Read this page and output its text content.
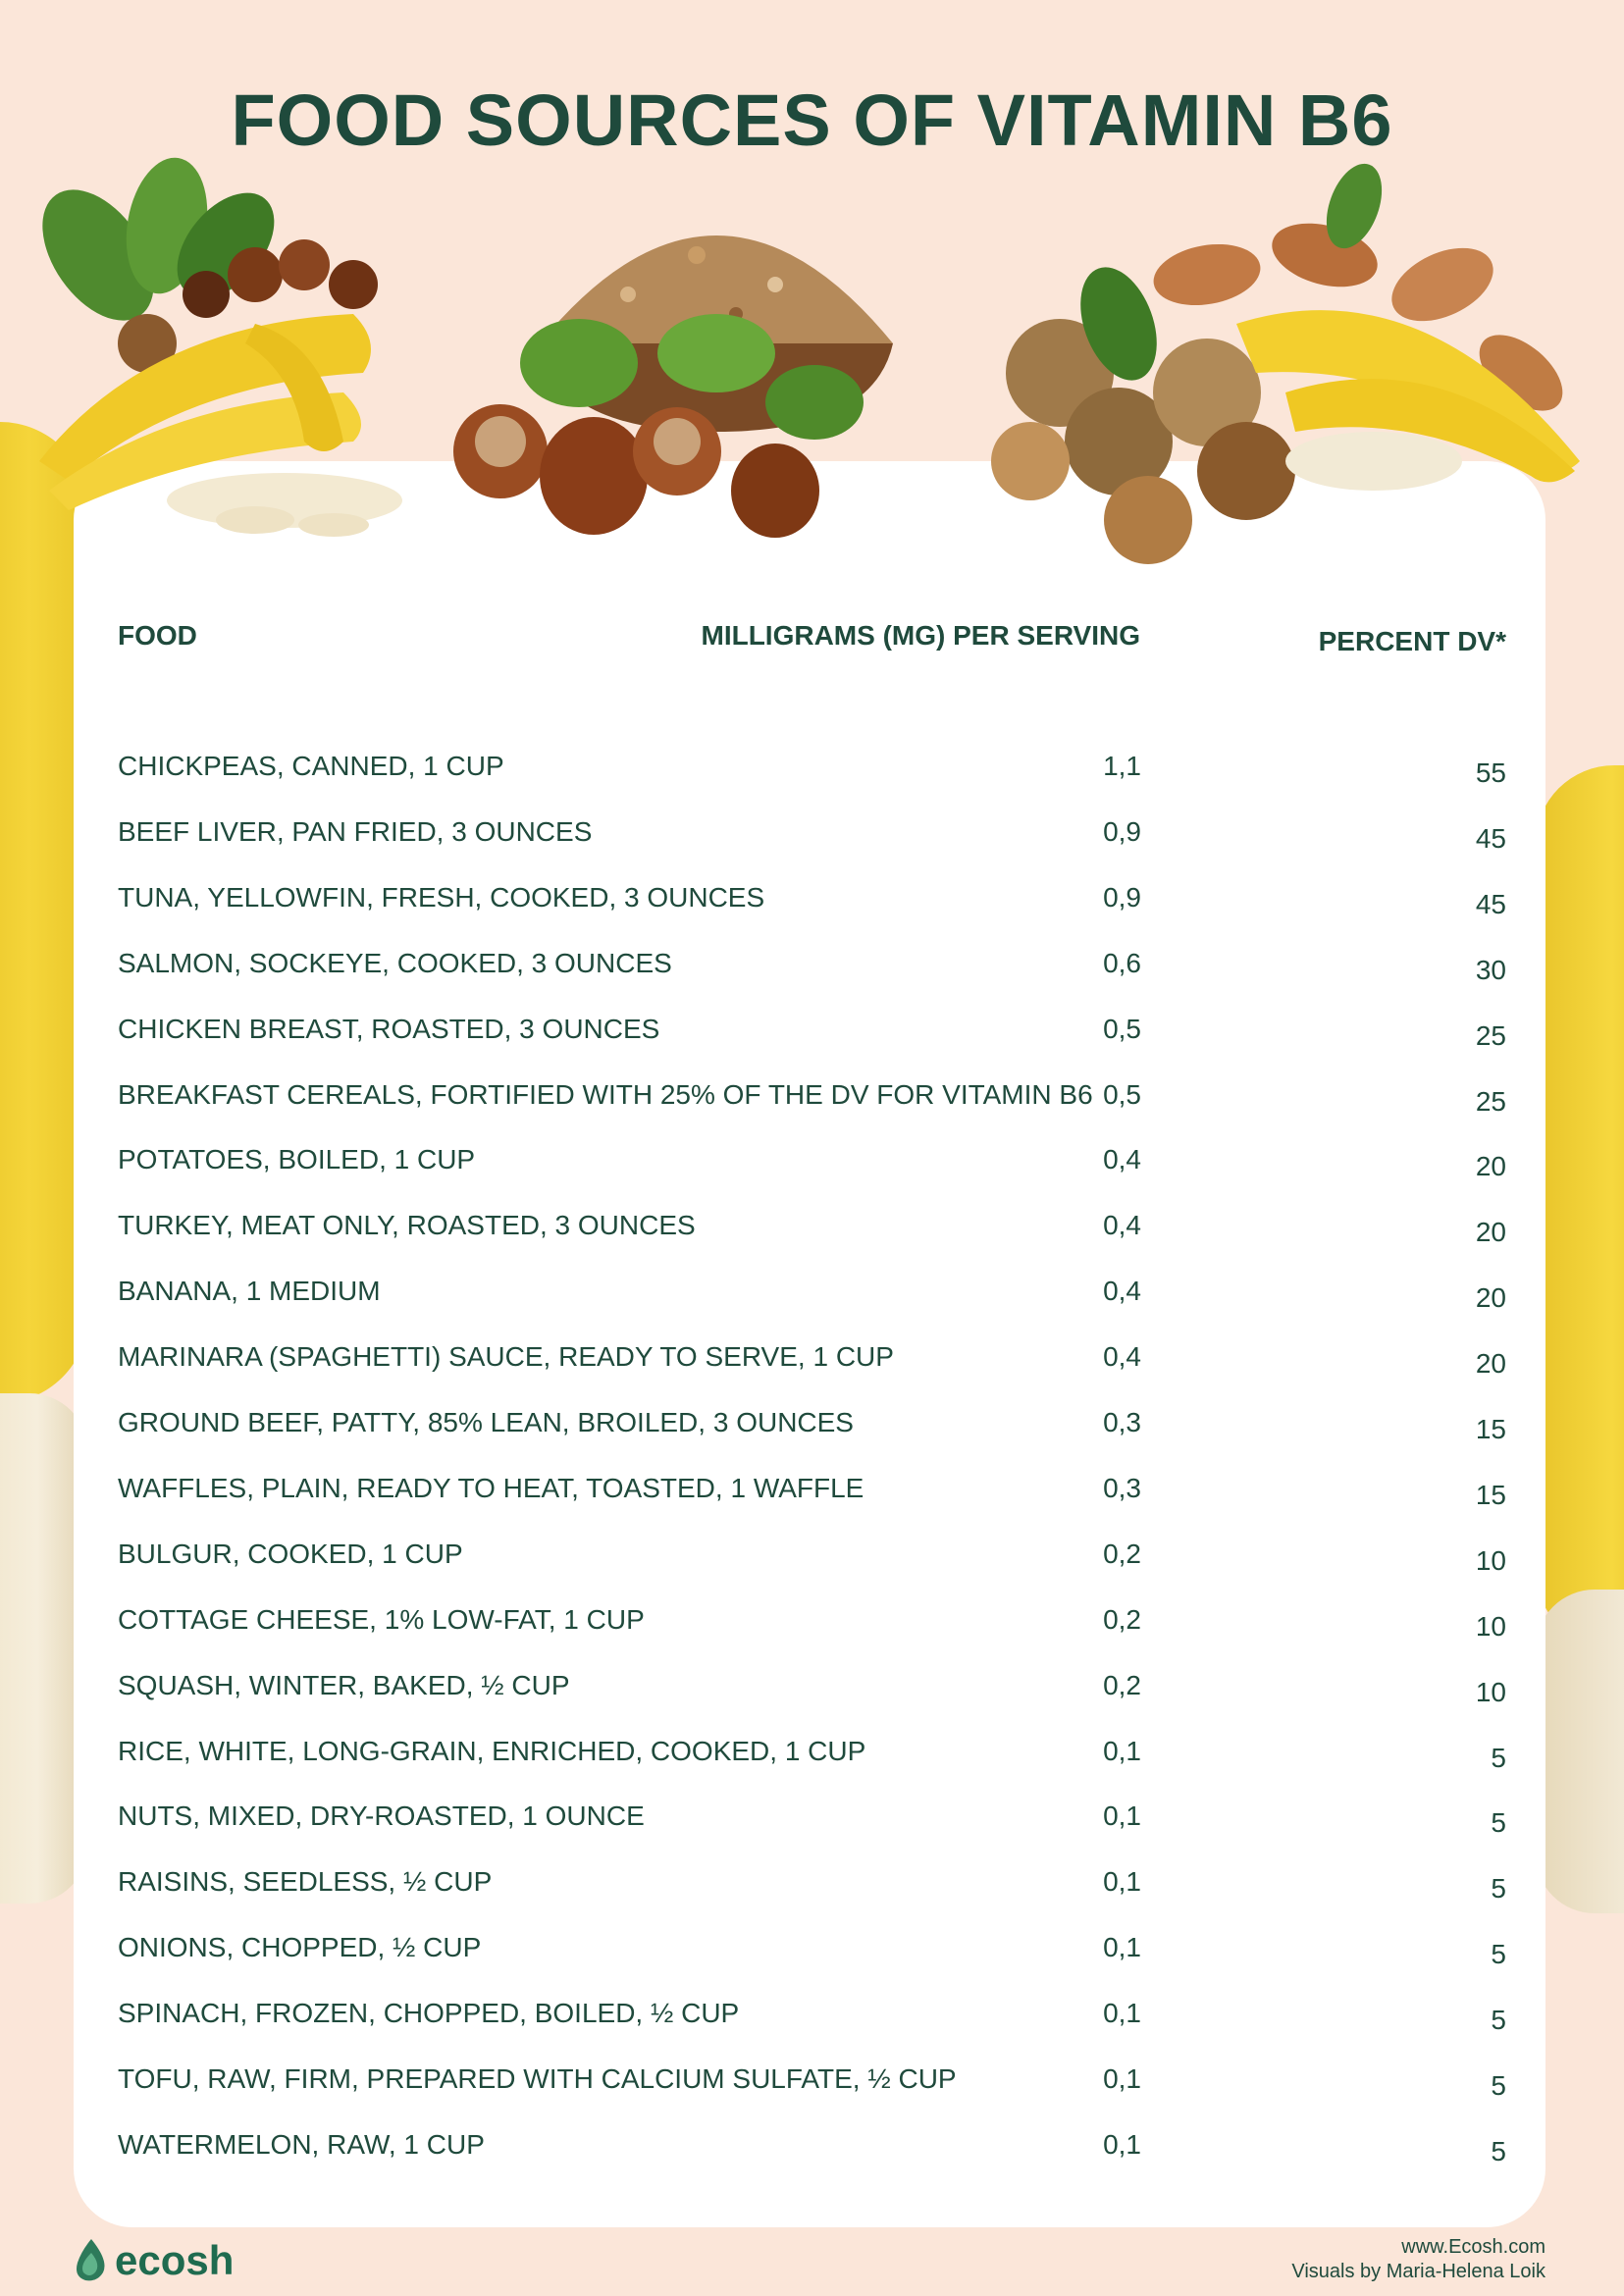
FOOD SOURCES OF VITAMIN B6
FOOD	MILLIGRAMS (MG) PER SERVING	PERCENT DV*
CHICKPEAS, CANNED, 1 CUP	1,1	55
BEEF LIVER, PAN FRIED, 3 OUNCES	0,9	45
TUNA, YELLOWFIN, FRESH, COOKED, 3 OUNCES	0,9	45
SALMON, SOCKEYE, COOKED, 3 OUNCES	0,6	30
CHICKEN BREAST, ROASTED, 3 OUNCES	0,5	25
BREAKFAST CEREALS, FORTIFIED WITH 25% OF THE DV FOR VITAMIN B6 0,5	25
POTATOES, BOILED, 1 CUP	0,4	20
TURKEY, MEAT ONLY, ROASTED, 3 OUNCES	0,4	20
BANANA, 1 MEDIUM	0,4	20
MARINARA (SPAGHETTI) SAUCE, READY TO SERVE, 1 CUP	0,4	20
GROUND BEEF, PATTY, 85% LEAN, BROILED, 3 OUNCES	0,3	15
WAFFLES, PLAIN, READY TO HEAT, TOASTED, 1 WAFFLE	0,3	15
BULGUR, COOKED, 1 CUP	0,2	10
COTTAGE CHEESE, 1% LOW-FAT, 1 CUP	0,2	10
SQUASH, WINTER, BAKED, ½ CUP	0,2	10
RICE, WHITE, LONG-GRAIN, ENRICHED, COOKED, 1 CUP	0,1	5
NUTS, MIXED, DRY-ROASTED, 1 OUNCE	0,1	5
RAISINS, SEEDLESS, ½ CUP	0,1	5
ONIONS, CHOPPED, ½ CUP	0,1	5
SPINACH, FROZEN, CHOPPED, BOILED, ½ CUP	0,1	5
TOFU, RAW, FIRM, PREPARED WITH CALCIUM SULFATE, ½ CUP	0,1	5
WATERMELON, RAW, 1 CUP	0,1	5
ecosh	www.Ecosh.com
Visuals by Maria-Helena Loik
